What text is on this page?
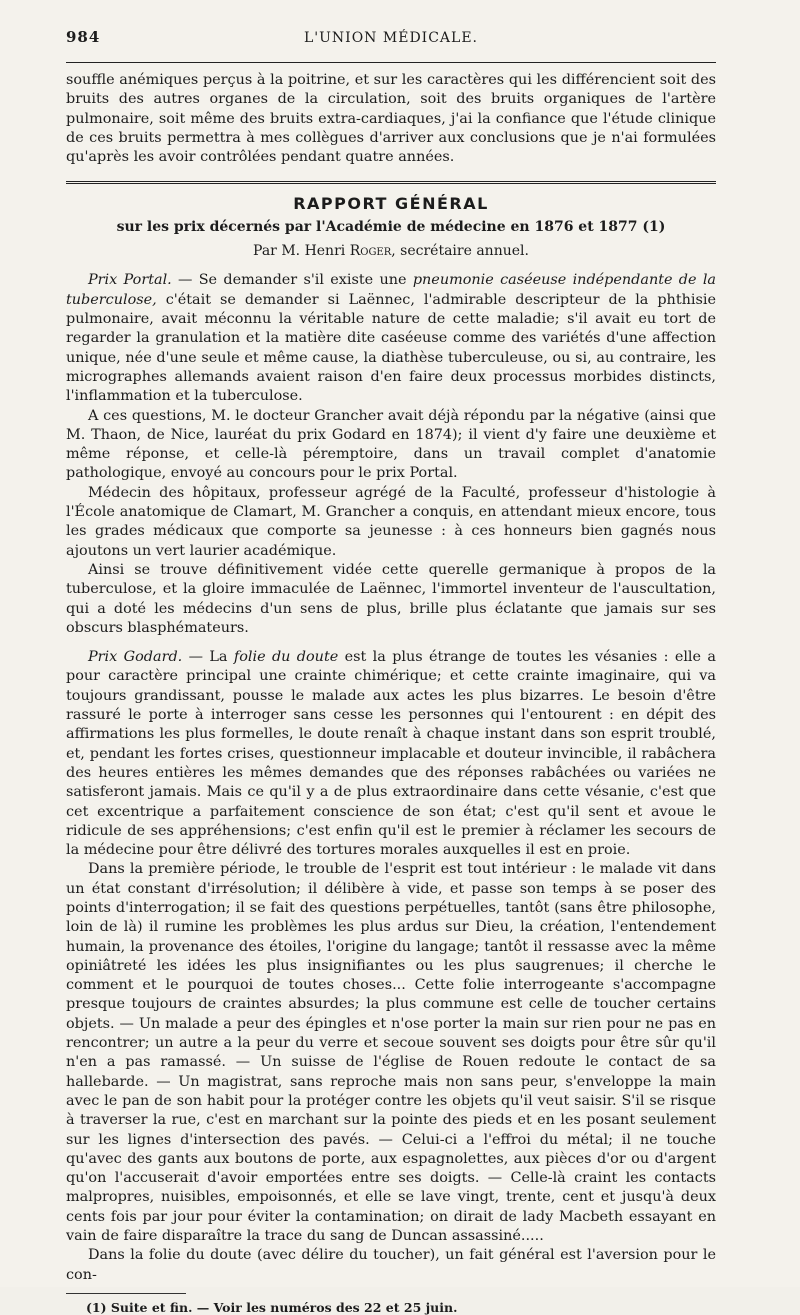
984	L'UNION MÉDICALE.

souffle anémiques perçus à la poitrine, et sur les caractères qui les différencient soit des bruits des autres organes de la circulation, soit des bruits organiques de l'artère pulmonaire, soit même des bruits extra-cardiaques, j'ai la confiance que l'étude clinique de ces bruits permettra à mes collègues d'arriver aux conclusions que je n'ai formulées qu'après les avoir contrôlées pendant quatre années.

RAPPORT GÉNÉRAL
sur les prix décernés par l'Académie de médecine en 1876 et 1877 (1)
Par M. Henri Roger, secrétaire annuel.

Prix Portal. — Se demander s'il existe une pneumonie caséeuse indépendante de la tuberculose, c'était se demander si Laënnec, l'admirable descripteur de la phthisie pulmonaire, avait méconnu la véritable nature de cette maladie; s'il avait eu tort de regarder la granulation et la matière dite caséeuse comme des variétés d'une affection unique, née d'une seule et même cause, la diathèse tuberculeuse, ou si, au contraire, les micrographes allemands avaient raison d'en faire deux processus morbides distincts, l'inflammation et la tuberculose.

A ces questions, M. le docteur Grancher avait déjà répondu par la négative (ainsi que M. Thaon, de Nice, lauréat du prix Godard en 1874); il vient d'y faire une deuxième et même réponse, et celle-là péremptoire, dans un travail complet d'anatomie pathologique, envoyé au concours pour le prix Portal.

Médecin des hôpitaux, professeur agrégé de la Faculté, professeur d'histologie à l'École anatomique de Clamart, M. Grancher a conquis, en attendant mieux encore, tous les grades médicaux que comporte sa jeunesse : à ces honneurs bien gagnés nous ajoutons un vert laurier académique.

Ainsi se trouve définitivement vidée cette querelle germanique à propos de la tuberculose, et la gloire immaculée de Laënnec, l'immortel inventeur de l'auscultation, qui a doté les médecins d'un sens de plus, brille plus éclatante que jamais sur ses obscurs blasphémateurs.

Prix Godard. — La folie du doute est la plus étrange de toutes les vésanies : elle a pour caractère principal une crainte chimérique; et cette crainte imaginaire, qui va toujours grandissant, pousse le malade aux actes les plus bizarres. Le besoin d'être rassuré le porte à interroger sans cesse les personnes qui l'entourent : en dépit des affirmations les plus formelles, le doute renaît à chaque instant dans son esprit troublé, et, pendant les fortes crises, questionneur implacable et douteur invincible, il rabâchera des heures entières les mêmes demandes que des réponses rabâchées ou variées ne satisferont jamais. Mais ce qu'il y a de plus extraordinaire dans cette vésanie, c'est que cet excentrique a parfaitement conscience de son état; c'est qu'il sent et avoue le ridicule de ses appréhensions; c'est enfin qu'il est le premier à réclamer les secours de la médecine pour être délivré des tortures morales auxquelles il est en proie.

Dans la première période, le trouble de l'esprit est tout intérieur : le malade vit dans un état constant d'irrésolution; il délibère à vide, et passe son temps à se poser des points d'interrogation; il se fait des questions perpétuelles, tantôt (sans être philosophe, loin de là) il rumine les problèmes les plus ardus sur Dieu, la création, l'entendement humain, la provenance des étoiles, l'origine du langage; tantôt il ressasse avec la même opiniâtreté les idées les plus insignifiantes ou les plus saugrenues; il cherche le comment et le pourquoi de toutes choses... Cette folie interrogeante s'accompagne presque toujours de craintes absurdes; la plus commune est celle de toucher certains objets. — Un malade a peur des épingles et n'ose porter la main sur rien pour ne pas en rencontrer; un autre a la peur du verre et secoue souvent ses doigts pour être sûr qu'il n'en a pas ramassé. — Un suisse de l'église de Rouen redoute le contact de sa hallebarde. — Un magistrat, sans reproche mais non sans peur, s'enveloppe la main avec le pan de son habit pour la protéger contre les objets qu'il veut saisir. S'il se risque à traverser la rue, c'est en marchant sur la pointe des pieds et en les posant seulement sur les lignes d'intersection des pavés. — Celui-ci a l'effroi du métal; il ne touche qu'avec des gants aux boutons de porte, aux espagnolettes, aux pièces d'or ou d'argent qu'on l'accuserait d'avoir emportées entre ses doigts. — Celle-là craint les contacts malpropres, nuisibles, empoisonnés, et elle se lave vingt, trente, cent et jusqu'à deux cents fois par jour pour éviter la contamination; on dirait de lady Macbeth essayant en vain de faire disparaître la trace du sang de Duncan assassiné.....

Dans la folie du doute (avec délire du toucher), un fait général est l'aversion pour le con-

(1) Suite et fin. — Voir les numéros des 22 et 25 juin.
